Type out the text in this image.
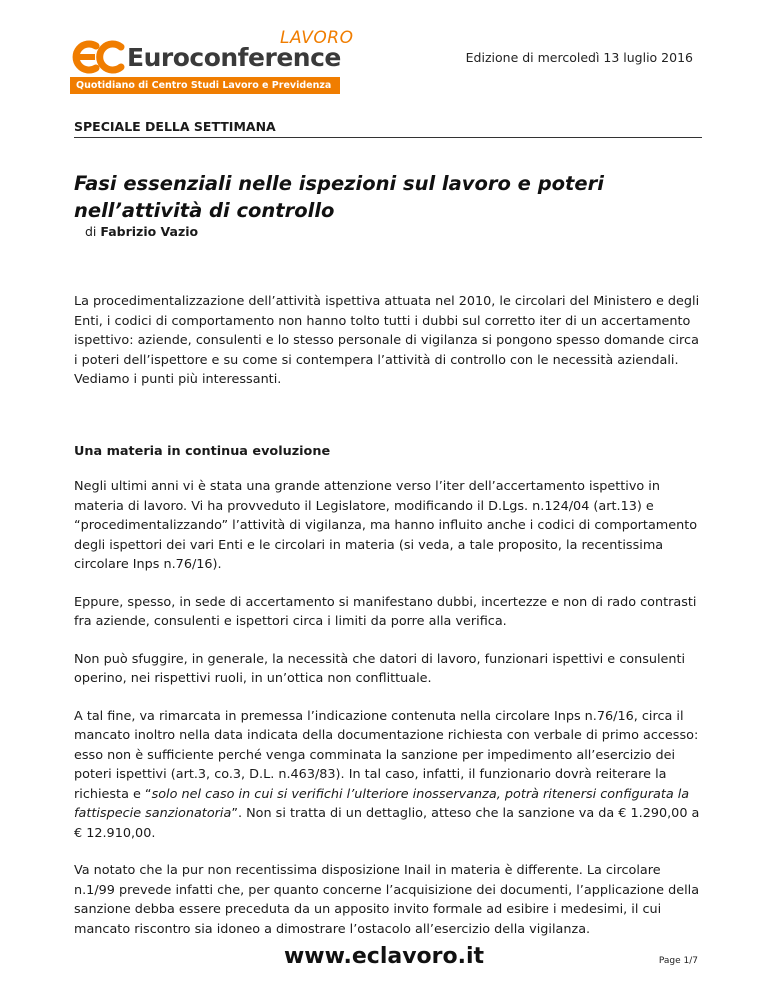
LAVORO
Euroconference
Quotidiano di Centro Studi Lavoro e Previdenza
Edizione di mercoledì 13 luglio 2016
SPECIALE DELLA SETTIMANA
Fasi essenziali nelle ispezioni sul lavoro e poteri nell’attività di controllo
di Fabrizio Vazio

La procedimentalizzazione dell’attività ispettiva attuata nel 2010, le circolari del Ministero e degli Enti, i codici di comportamento non hanno tolto tutti i dubbi sul corretto iter di un accertamento ispettivo: aziende, consulenti e lo stesso personale di vigilanza si pongono spesso domande circa i poteri dell’ispettore e su come si contempera l’attività di controllo con le necessità aziendali. Vediamo i punti più interessanti.

Una materia in continua evoluzione

Negli ultimi anni vi è stata una grande attenzione verso l’iter dell’accertamento ispettivo in materia di lavoro. Vi ha provveduto il Legislatore, modificando il D.Lgs. n.124/04 (art.13) e “procedimentalizzando” l’attività di vigilanza, ma hanno influito anche i codici di comportamento degli ispettori dei vari Enti e le circolari in materia (si veda, a tale proposito, la recentissima circolare Inps n.76/16).

Eppure, spesso, in sede di accertamento si manifestano dubbi, incertezze e non di rado contrasti fra aziende, consulenti e ispettori circa i limiti da porre alla verifica.

Non può sfuggire, in generale, la necessità che datori di lavoro, funzionari ispettivi e consulenti operino, nei rispettivi ruoli, in un’ottica non conflittuale.

A tal fine, va rimarcata in premessa l’indicazione contenuta nella circolare Inps n.76/16, circa il mancato inoltro nella data indicata della documentazione richiesta con verbale di primo accesso: esso non è sufficiente perché venga comminata la sanzione per impedimento all’esercizio dei poteri ispettivi (art.3, co.3, D.L. n.463/83). In tal caso, infatti, il funzionario dovrà reiterare la richiesta e “solo nel caso in cui si verifichi l’ulteriore inosservanza, potrà ritenersi configurata la fattispecie sanzionatoria”. Non si tratta di un dettaglio, atteso che la sanzione va da € 1.290,00 a € 12.910,00.

Va notato che la pur non recentissima disposizione Inail in materia è differente. La circolare n.1/99 prevede infatti che, per quanto concerne l’acquisizione dei documenti, l’applicazione della sanzione debba essere preceduta da un apposito invito formale ad esibire i medesimi, il cui mancato riscontro sia idoneo a dimostrare l’ostacolo all’esercizio della vigilanza.

www.eclavoro.it	Page 1/7
